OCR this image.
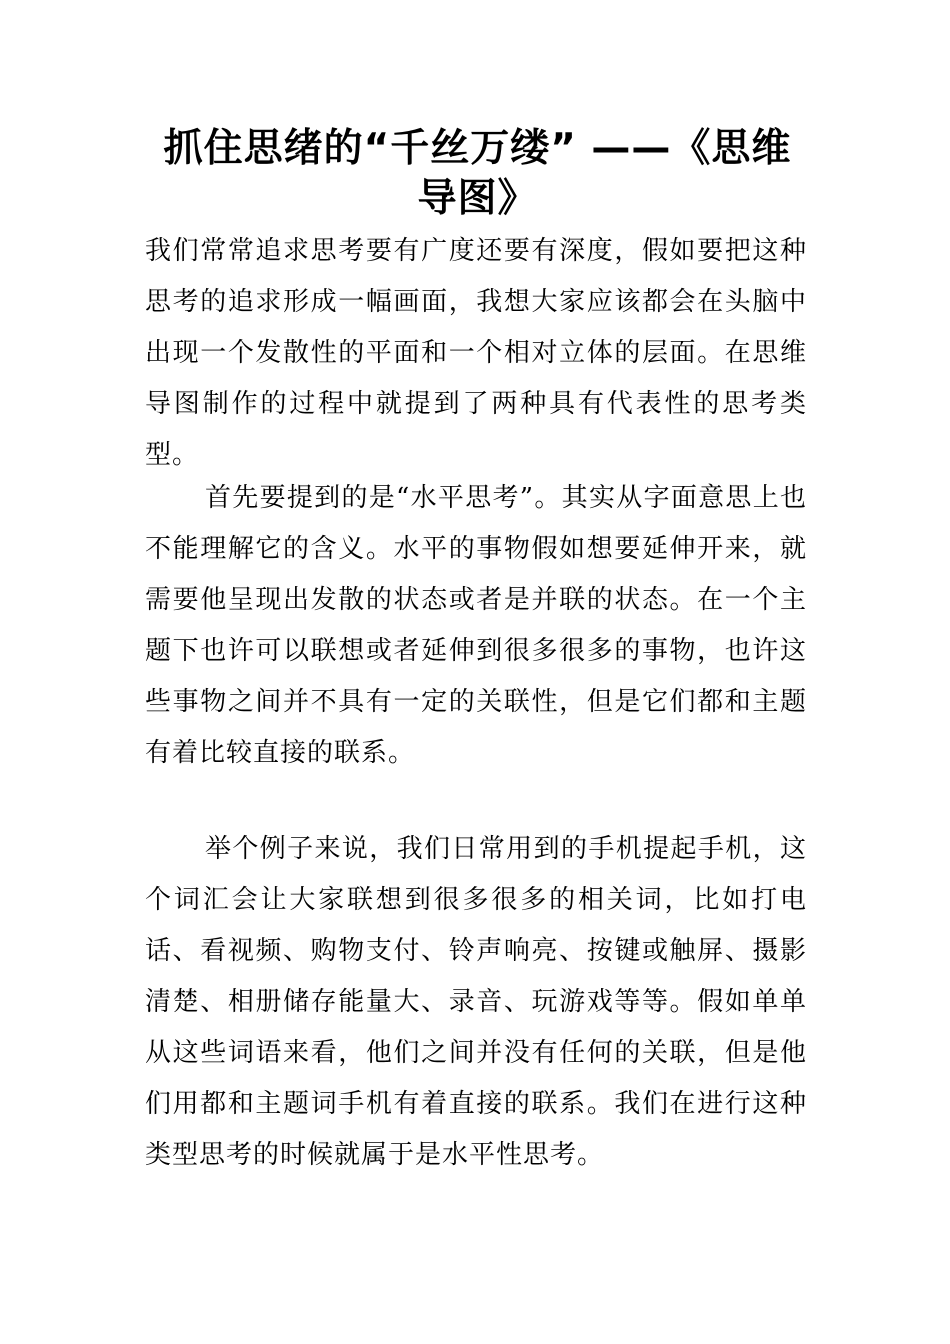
抓住思绪的“千丝万缕” ——《思维导图》

我们常常追求思考要有广度还要有深度，假如要把这种思考的追求形成一幅画面，我想大家应该都会在头脑中出现一个发散性的平面和一个相对立体的层面。在思维导图制作的过程中就提到了两种具有代表性的思考类型。

首先要提到的是“水平思考”。其实从字面意思上也不能理解它的含义。水平的事物假如想要延伸开来，就需要他呈现出发散的状态或者是并联的状态。在一个主题下也许可以联想或者延伸到很多很多的事物，也许这些事物之间并不具有一定的关联性，但是它们都和主题有着比较直接的联系。

举个例子来说，我们日常用到的手机提起手机，这个词汇会让大家联想到很多很多的相关词，比如打电话、看视频、购物支付、铃声响亮、按键或触屏、摄影清楚、相册储存能量大、录音、玩游戏等等。假如单单从这些词语来看，他们之间并没有任何的关联，但是他们用都和主题词手机有着直接的联系。我们在进行这种类型思考的时候就属于是水平性思考。
